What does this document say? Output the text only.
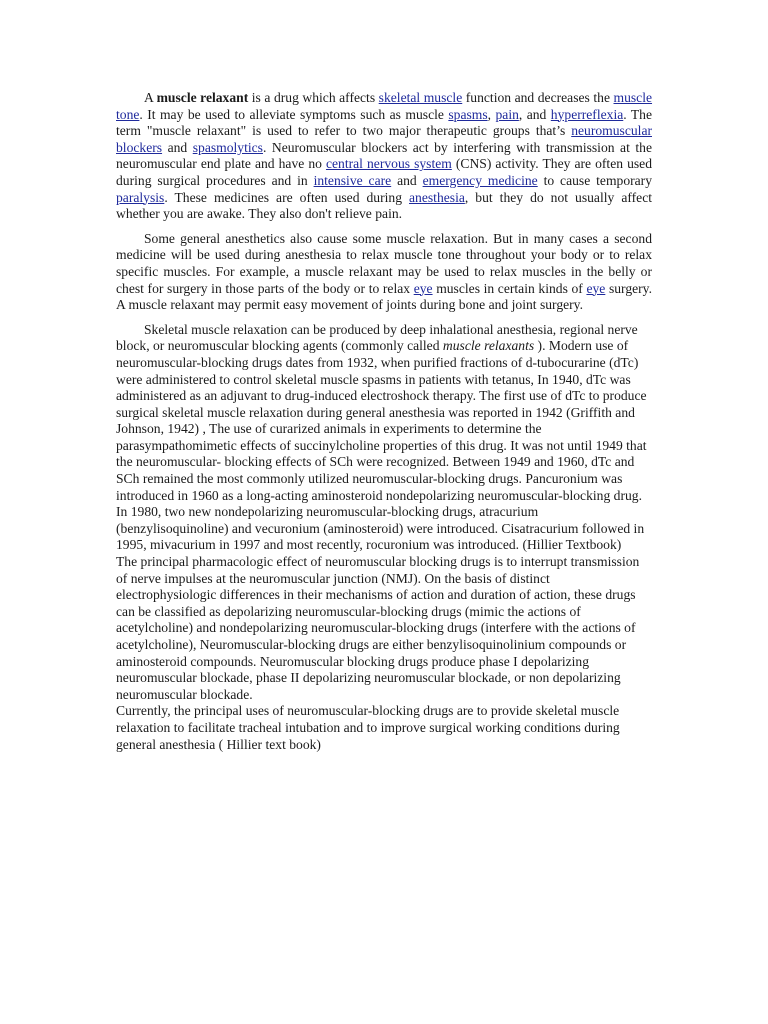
A muscle relaxant is a drug which affects skeletal muscle function and decreases the muscle tone. It may be used to alleviate symptoms such as muscle spasms, pain, and hyperreflexia. The term "muscle relaxant" is used to refer to two major therapeutic groups that’s neuromuscular blockers and spasmolytics. Neuromuscular blockers act by interfering with transmission at the neuromuscular end plate and have no central nervous system (CNS) activity. They are often used during surgical procedures and in intensive care and emergency medicine to cause temporary paralysis. These medicines are often used during anesthesia, but they do not usually affect whether you are awake. They also don't relieve pain.

Some general anesthetics also cause some muscle relaxation. But in many cases a second medicine will be used during anesthesia to relax muscle tone throughout your body or to relax specific muscles. For example, a muscle relaxant may be used to relax muscles in the belly or chest for surgery in those parts of the body or to relax eye muscles in certain kinds of eye surgery. A muscle relaxant may permit easy movement of joints during bone and joint surgery.

Skeletal muscle relaxation can be produced by deep inhalational anesthesia, regional nerve block, or neuromuscular blocking agents (commonly called muscle relaxants ). Modern use of neuromuscular-blocking drugs dates from 1932, when purified fractions of d-tubocurarine (dTc) were administered to control skeletal muscle spasms in patients with tetanus, In 1940, dTc was administered as an adjuvant to drug-induced electroshock therapy. The first use of dTc to produce surgical skeletal muscle relaxation during general anesthesia was reported in 1942 (Griffith and Johnson, 1942) , The use of curarized animals in experiments to determine the parasympathomimetic effects of succinylcholine properties of this drug. It was not until 1949 that the neuromuscular- blocking effects of SCh were recognized. Between 1949 and 1960, dTc and SCh remained the most commonly utilized neuromuscular-blocking drugs. Pancuronium was introduced in 1960 as a long-acting aminosteroid nondepolarizing neuromuscular-blocking drug. In 1980, two new nondepolarizing neuromuscular-blocking drugs, atracurium (benzylisoquinoline) and vecuronium (aminosteroid) were introduced. Cisatracurium followed in 1995, mivacurium in 1997 and most recently, rocuronium was introduced. (Hillier Textbook)

The principal pharmacologic effect of neuromuscular blocking drugs is to interrupt transmission of nerve impulses at the neuromuscular junction (NMJ). On the basis of distinct electrophysiologic differences in their mechanisms of action and duration of action, these drugs can be classified as depolarizing neuromuscular-blocking drugs (mimic the actions of acetylcholine) and nondepolarizing neuromuscular-blocking drugs (interfere with the actions of acetylcholine), Neuromuscular-blocking drugs are either benzylisoquinolinium compounds or aminosteroid compounds. Neuromuscular blocking drugs produce phase I depolarizing neuromuscular blockade, phase II depolarizing neuromuscular blockade, or non depolarizing neuromuscular blockade.

Currently, the principal uses of neuromuscular-blocking drugs are to provide skeletal muscle relaxation to facilitate tracheal intubation and to improve surgical working conditions during general anesthesia ( Hillier text book)
